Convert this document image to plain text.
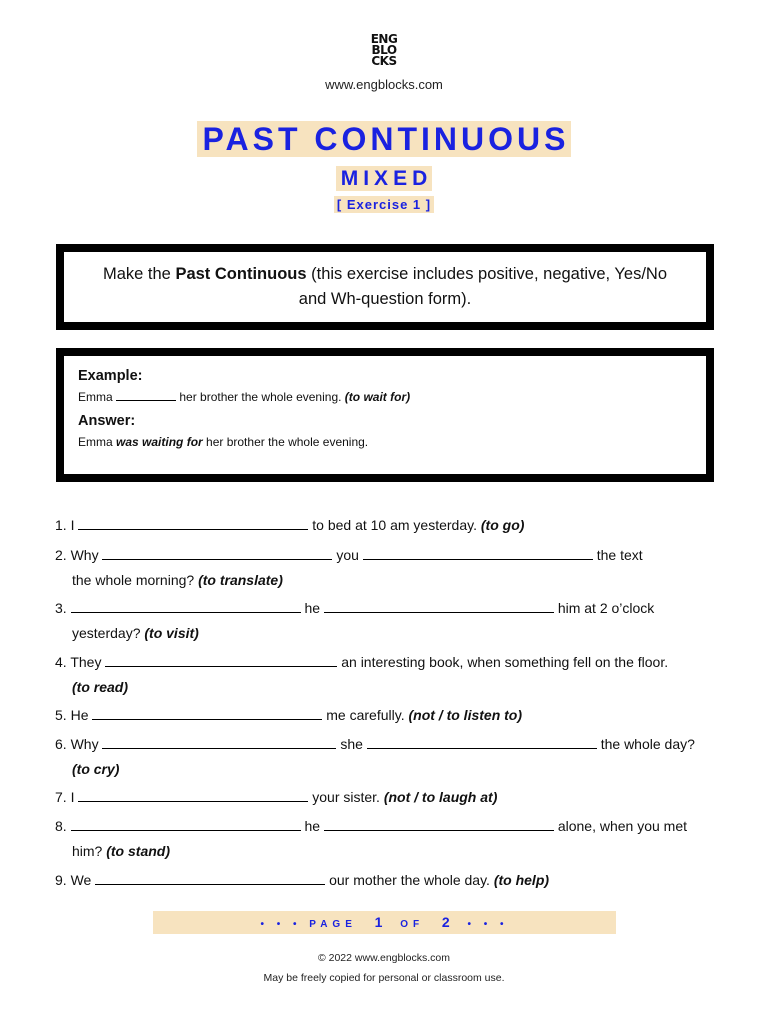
ENG
BLO
CKS
www.engblocks.com
PAST CONTINUOUS
MIXED
[ Exercise 1 ]
Make the Past Continuous (this exercise includes positive, negative, Yes/No and Wh-question form).
Example:
Emma	her brother the whole evening. (to wait for)
Answer:
Emma was waiting for her brother the whole evening.
1. I	to bed at 10 am yesterday. (to go)
2. Why	you	the text
the whole morning? (to translate)
3.	he	him at 2 o’clock
yesterday? (to visit)
4. They	an interesting book, when something fell on the floor.
(to read)
5. He	me carefully. (not / to listen to)
6. Why	she	the whole day?
(to cry)
7. I	your sister. (not / to laugh at)
8.	he	alone, when you met
him? (to stand)
9. We	our mother the whole day. (to help)
• • • PAGE 1 OF 2 • • •
© 2022 www.engblocks.com
May be freely copied for personal or classroom use.
